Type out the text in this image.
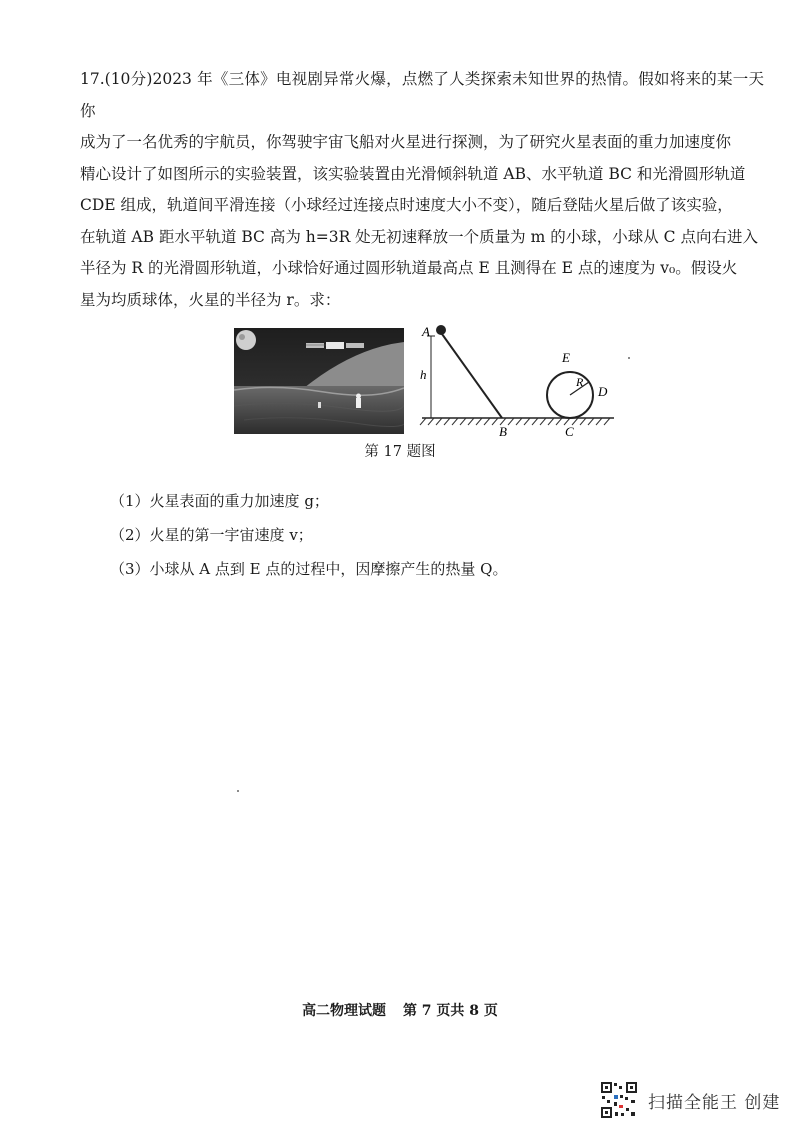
17.(10分)2023 年《三体》电视剧异常火爆，点燃了人类探索未知世界的热情。假如将来的某一天你

成为了一名优秀的宇航员，你驾驶宇宙飞船对火星进行探测，为了研究火星表面的重力加速度你

精心设计了如图所示的实验装置，该实验装置由光滑倾斜轨道 AB、水平轨道 BC 和光滑圆形轨道

CDE 组成，轨道间平滑连接（小球经过连接点时速度大小不变），随后登陆火星后做了该实验，

在轨道 AB 距水平轨道 BC 高为 h=3R 处无初速释放一个质量为 m 的小球，小球从 C 点向右进入

半径为 R 的光滑圆形轨道，小球恰好通过圆形轨道最高点 E 且测得在 E 点的速度为 v₀。假设火

星为均质球体，火星的半径为 r。求：

A
h
B	C
D
E
R
第 17 题图
（1）火星表面的重力加速度 g；
（2）火星的第一宇宙速度 v；
（3）小球从 A 点到 E 点的过程中，因摩擦产生的热量 Q。
高二物理试题 第 7 页共 8 页
扫描全能王 创建
